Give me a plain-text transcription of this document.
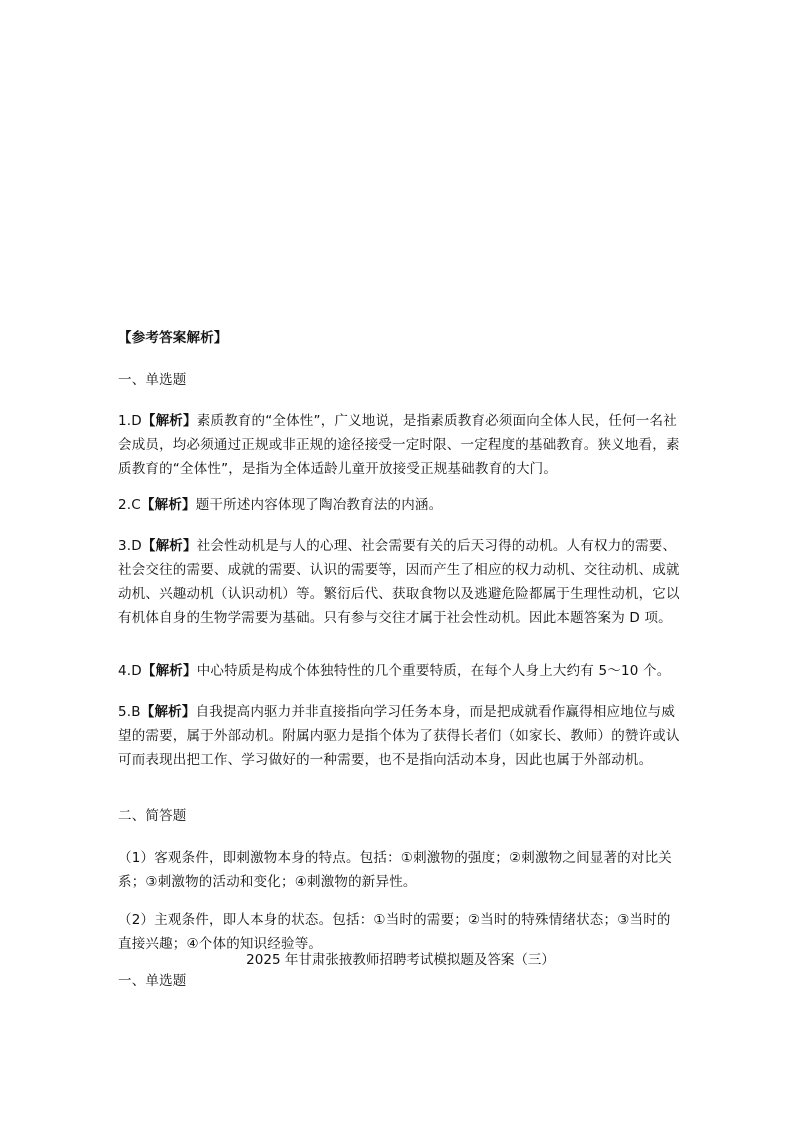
【参考答案解析】

一、单选题

1.D【解析】素质教育的“全体性”，广义地说，是指素质教育必须面向全体人民，任何一名社会成员，均必须通过正规或非正规的途径接受一定时限、一定程度的基础教育。狭义地看，素质教育的“全体性”，是指为全体适龄儿童开放接受正规基础教育的大门。

2.C【解析】题干所述内容体现了陶冶教育法的内涵。

3.D【解析】社会性动机是与人的心理、社会需要有关的后天习得的动机。人有权力的需要、社会交往的需要、成就的需要、认识的需要等，因而产生了相应的权力动机、交往动机、成就动机、兴趣动机（认识动机）等。繁衍后代、获取食物以及逃避危险都属于生理性动机，它以有机体自身的生物学需要为基础。只有参与交往才属于社会性动机。因此本题答案为 D 项。

4.D【解析】中心特质是构成个体独特性的几个重要特质，在每个人身上大约有 5～10 个。

5.B【解析】自我提高内驱力并非直接指向学习任务本身，而是把成就看作赢得相应地位与威望的需要，属于外部动机。附属内驱力是指个体为了获得长者们（如家长、教师）的赞许或认可而表现出把工作、学习做好的一种需要，也不是指向活动本身，因此也属于外部动机。

二、简答题

（1）客观条件，即刺激物本身的特点。包括：①刺激物的强度；②刺激物之间显著的对比关系；③刺激物的活动和变化；④刺激物的新异性。

（2）主观条件，即人本身的状态。包括：①当时的需要；②当时的特殊情绪状态；③当时的直接兴趣；④个体的知识经验等。

2025 年甘肃张掖教师招聘考试模拟题及答案（三）

一、单选题
